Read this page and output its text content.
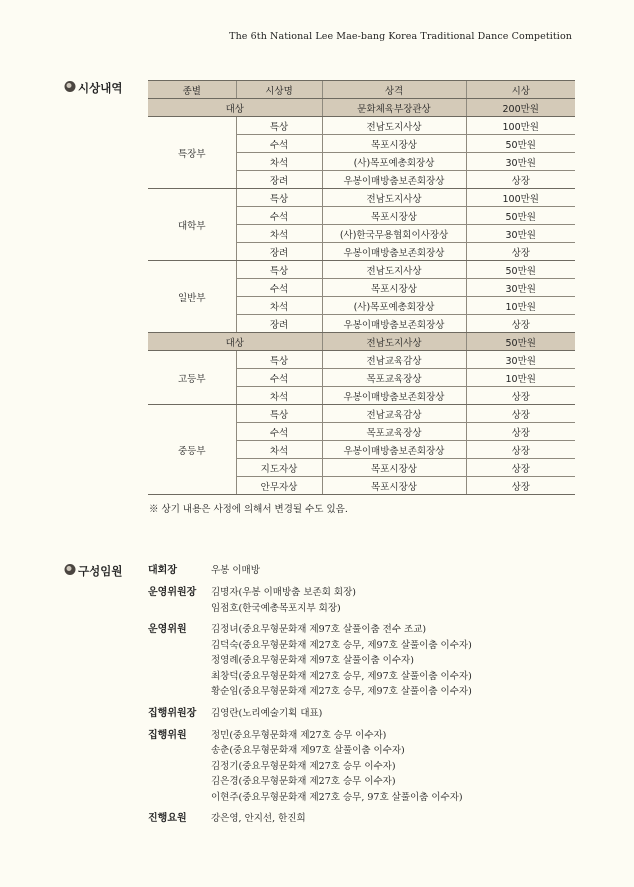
The 6th National Lee Mae-bang Korea Traditional Dance Competition
시상내역	종별	시상명	상격	시상
대상		문화체육부장관상	200만원
특장부	특상	전남도지사상	100만원
	수석	목포시장상	50만원
	차석	(사)목포예총회장상	30만원
	장려	우봉이매방춤보존회장상	상장
대학부	특상	전남도지사상	100만원
	수석	목포시장상	50만원
	차석	(사)한국무용협회이사장상	30만원
	장려	우봉이매방춤보존회장상	상장
일반부	특상	전남도지사상	50만원
	수석	목포시장상	30만원
	차석	(사)목포예총회장상	10만원
	장려	우봉이매방춤보존회장상	상장
대상		전남도지사상	50만원
고등부	특상	전남교육감상	30만원
	수석	목포교육장상	10만원
	차석	우봉이매방춤보존회장상	상장
중등부	특상	전남교육감상	상장
	수석	목포교육장상	상장
	차석	우봉이매방춤보존회장상	상장
	지도자상	목포시장상	상장
	안무자상	목포시장상	상장
※ 상기 내용은 사정에 의해서 변경될 수도 있음.
구성임원	대회장	우봉 이매방
운영위원장	김명자(우봉 이매방춤 보존회 회장)
임점호(한국예총목포지부 회장)
운영위원	김정녀(중요무형문화재 제97호 살풀이춤 전수 조교)
김덕숙(중요무형문화재 제27호 승무, 제97호 살풀이춤 이수자)
정영례(중요무형문화재 제97호 살풀이춤 이수자)
최창덕(중요무형문화재 제27호 승무, 제97호 살풀이춤 이수자)
황순임(중요무형문화재 제27호 승무, 제97호 살풀이춤 이수자)
집행위원장	김영란(노리예술기획 대표)
집행위원	정민(중요무형문화재 제27호 승무 이수자)
송춘(중요무형문화재 제97호 살풀이춤 이수자)
김정기(중요무형문화재 제27호 승무 이수자)
김은경(중요무형문화재 제27호 승무 이수자)
이현주(중요무형문화재 제27호 승무, 97호 살풀이춤 이수자)
진행요원	강은영, 안지선, 한진희
